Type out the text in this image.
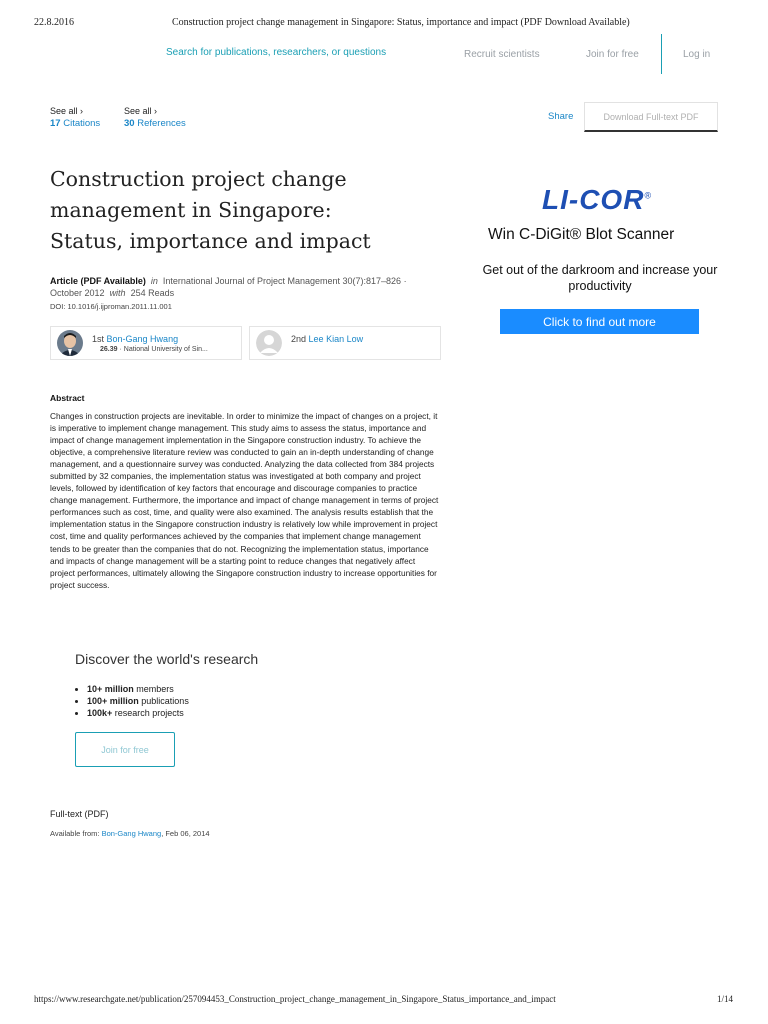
22.8.2016	Construction project change management in Singapore: Status, importance and impact (PDF Download Available)
Search for publications, researchers, or questions	Recruit scientists	Join for free	Log in
See all ›
17 Citations
See all ›
30 References
Share	Download Full-text PDF
Construction project change management in Singapore: Status, importance and impact
Article (PDF Available) in International Journal of Project Management 30(7):817–826 · October 2012 with 254 Reads
DOI: 10.1016/j.ijproman.2011.11.001
1st Bon-Gang Hwang
26.39 · National University of Sin...
2nd Lee Kian Low
Abstract

Changes in construction projects are inevitable. In order to minimize the impact of changes on a project, it is imperative to implement change management. This study aims to assess the status, importance and impact of change management implementation in the Singapore construction industry. To achieve the objective, a comprehensive literature review was conducted to gain an in-depth understanding of change management, and a questionnaire survey was conducted. Analyzing the data collected from 384 projects submitted by 32 companies, the implementation status was investigated at both company and project levels, followed by identification of key factors that encourage and discourage companies to practice change management. Furthermore, the importance and impact of change management in terms of project performances such as cost, time, and quality were also examined. The analysis results establish that the implementation status in the Singapore construction industry is relatively low while improvement in project cost, time and quality performances achieved by the companies that implement change management tends to be greater than the companies that do not. Recognizing the implementation status, importance and impacts of change management will be a starting point to reduce changes that negatively affect project performances, ultimately allowing the Singapore construction industry to increase opportunities for project success.

Discover the world's research
• 10+ million members
• 100+ million publications
• 100k+ research projects
Join for free
Full-text (PDF)
Available from: Bon-Gang Hwang, Feb 06, 2014
LI-COR®
Win C-DiGit® Blot Scanner
Get out of the darkroom and increase your productivity
Click to find out more
https://www.researchgate.net/publication/257094453_Construction_project_change_management_in_Singapore_Status_importance_and_impact	1/14
